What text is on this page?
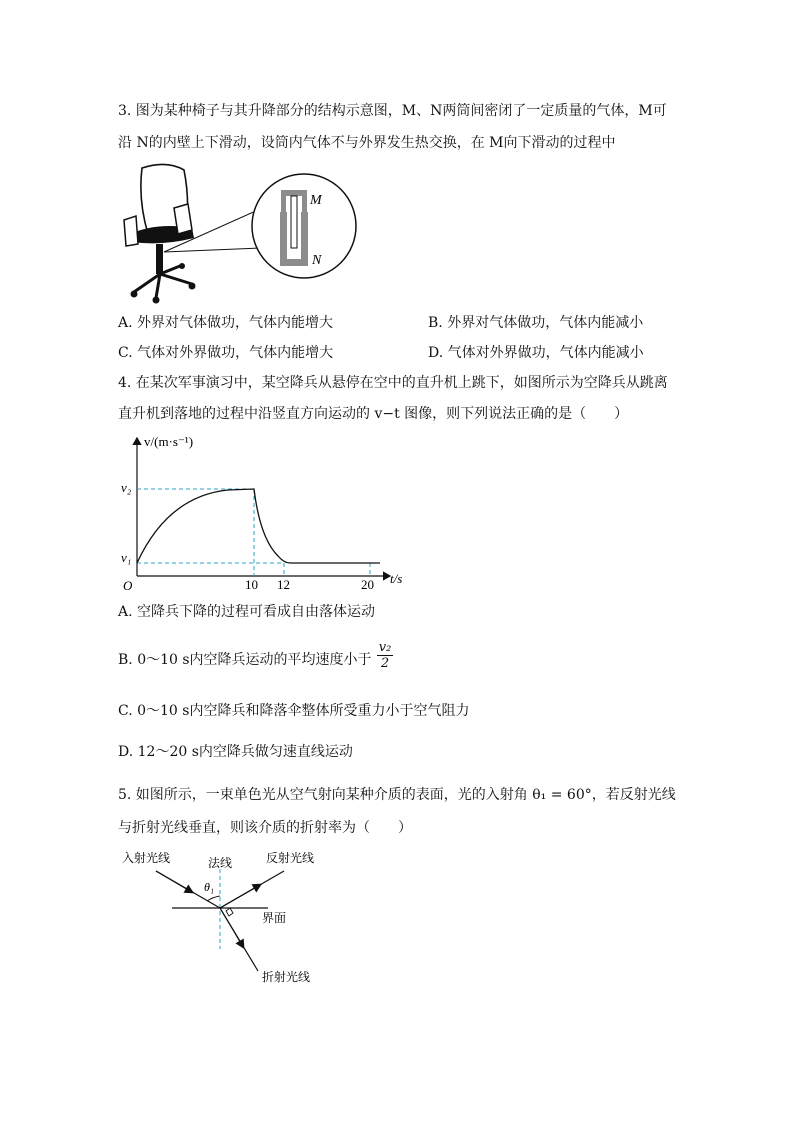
3. 图为某种椅子与其升降部分的结构示意图，M、N两筒间密闭了一定质量的气体，M可
沿 N的内壁上下滑动，设筒内气体不与外界发生热交换，在 M向下滑动的过程中
M
N
A. 外界对气体做功，气体内能增大	B. 外界对气体做功，气体内能减小
C. 气体对外界做功，气体内能增大	D. 气体对外界做功，气体内能减小
4. 在某次军事演习中，某空降兵从悬停在空中的直升机上跳下，如图所示为空降兵从跳离
直升机到落地的过程中沿竖直方向运动的 v−t 图像，则下列说法正确的是（　　）
v/(m·s⁻¹)
v₂
v₁
O	10 12	20 t/s
A. 空降兵下降的过程可看成自由落体运动
B. 0～10 s内空降兵运动的平均速度小于 $\frac{\text{v₂}}{2}$
C. 0～10 s内空降兵和降落伞整体所受重力小于空气阻力
D. 12～20 s内空降兵做匀速直线运动
5. 如图所示，一束单色光从空气射向某种介质的表面，光的入射角 θ₁ = 60°，若反射光线
与折射光线垂直，则该介质的折射率为（　　）
入射光线	法线	反射光线
θ₁
界面
折射光线
